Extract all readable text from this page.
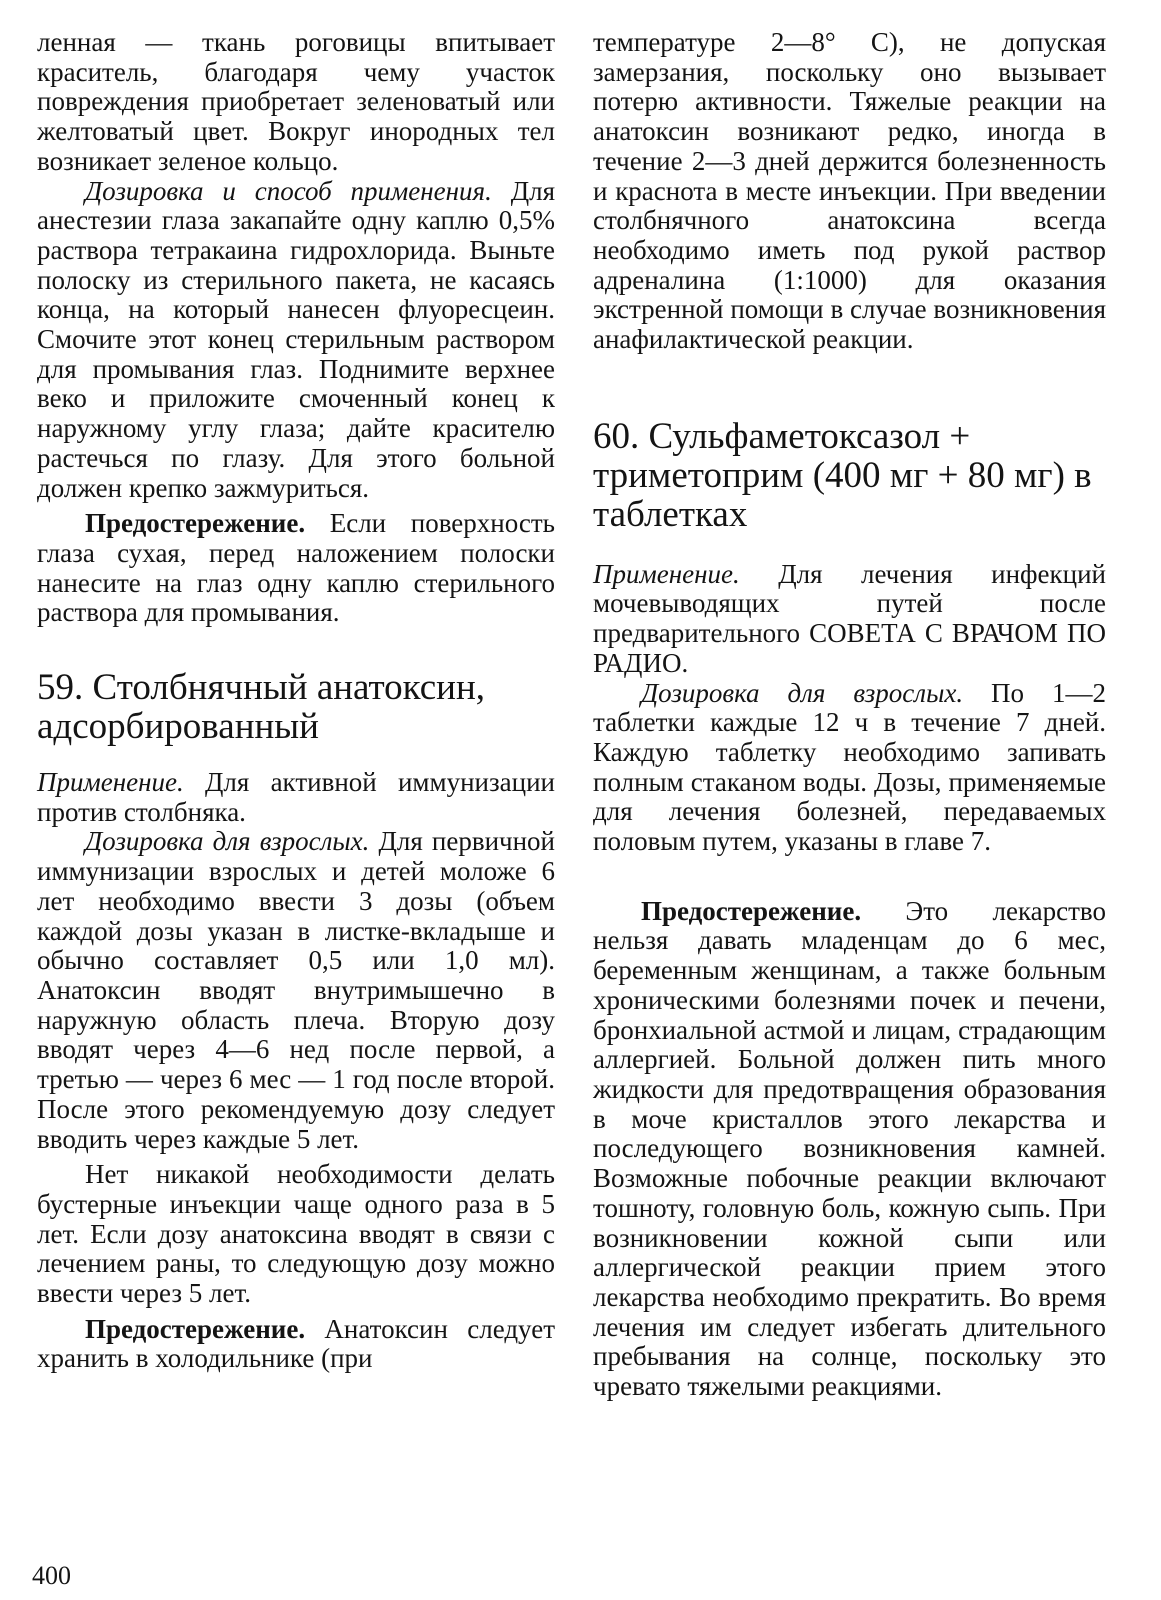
ленная — ткань роговицы впитывает краситель, благодаря чему участок повреждения приобретает зеленоватый или желтоватый цвет. Вокруг инородных тел возникает зеленое кольцо.

Дозировка и способ применения. Для анестезии глаза закапайте одну каплю 0,5% раствора тетракаина гидрохлорида. Выньте полоску из стерильного пакета, не касаясь конца, на который нанесен флуоресцеин. Смочите этот конец стерильным раствором для промывания глаз. Поднимите верхнее веко и приложите смоченный конец к наружному углу глаза; дайте красителю растечься по глазу. Для этого больной должен крепко зажмуриться.

Предостережение. Если поверхность глаза сухая, перед наложением полоски нанесите на глаз одну каплю стерильного раствора для промывания.

59. Столбнячный анатоксин, адсорбированный

Применение. Для активной иммунизации против столбняка.

Дозировка для взрослых. Для первичной иммунизации взрослых и детей моложе 6 лет необходимо ввести 3 дозы (объем каждой дозы указан в листке-вкладыше и обычно составляет 0,5 или 1,0 мл). Анатоксин вводят внутримышечно в наружную область плеча. Вторую дозу вводят через 4—6 нед после первой, а третью — через 6 мес — 1 год после второй. После этого рекомендуемую дозу следует вводить через каждые 5 лет.

Нет никакой необходимости делать бустерные инъекции чаще одного раза в 5 лет. Если дозу анатоксина вводят в связи с лечением раны, то следующую дозу можно ввести через 5 лет.

Предостережение. Анатоксин следует хранить в холодильнике (при

температуре 2—8° С), не допуская замерзания, поскольку оно вызывает потерю активности. Тяжелые реакции на анатоксин возникают редко, иногда в течение 2—3 дней держится болезненность и краснота в месте инъекции. При введении столбнячного анатоксина всегда необходимо иметь под рукой раствор адреналина (1:1000) для оказания экстренной помощи в случае возникновения анафилактической реакции.

60. Сульфаметоксазол + триметоприм (400 мг + 80 мг) в таблетках

Применение. Для лечения инфекций мочевыводящих путей после предварительного СОВЕТА С ВРАЧОМ ПО РАДИО.

Дозировка для взрослых. По 1—2 таблетки каждые 12 ч в течение 7 дней. Каждую таблетку необходимо запивать полным стаканом воды. Дозы, применяемые для лечения болезней, передаваемых половым путем, указаны в главе 7.

Предостережение. Это лекарство нельзя давать младенцам до 6 мес, беременным женщинам, а также больным хроническими болезнями почек и печени, бронхиальной астмой и лицам, страдающим аллергией. Больной должен пить много жидкости для предотвращения образования в моче кристаллов этого лекарства и последующего возникновения камней. Возможные побочные реакции включают тошноту, головную боль, кожную сыпь. При возникновении кожной сыпи или аллергической реакции прием этого лекарства необходимо прекратить. Во время лечения им следует избегать длительного пребывания на солнце, поскольку это чревато тяжелыми реакциями.

400
